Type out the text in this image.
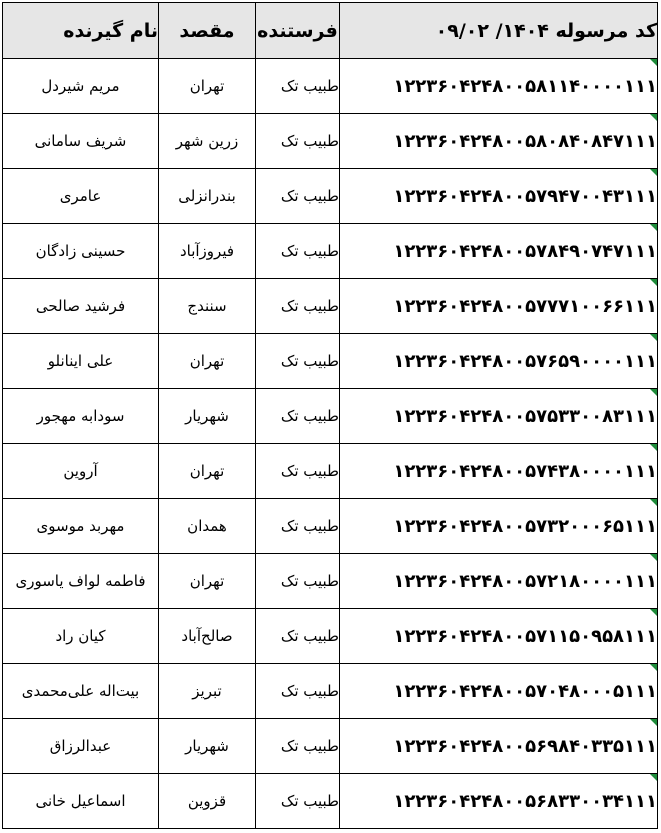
کد مرسوله ۱۴۰۴/ ۰۹/۰۲	فرستنده	مقصد	نام گیرنده
۱۲۲۳۶۰۴۲۴۸۰۰۵۸۱۱۴۰۰۰۰۱۱۱	طبیب تک	تهران	مریم شیردل
۱۲۲۳۶۰۴۲۴۸۰۰۵۸۰۸۴۰۸۴۷۱۱۱	طبیب تک	زرین شهر	شریف سامانی
۱۲۲۳۶۰۴۲۴۸۰۰۵۷۹۴۷۰۰۴۳۱۱۱	طبیب تک	بندرانزلی	عامری
۱۲۲۳۶۰۴۲۴۸۰۰۵۷۸۴۹۰۷۴۷۱۱۱	طبیب تک	فیروزآباد	حسینی زادگان
۱۲۲۳۶۰۴۲۴۸۰۰۵۷۷۷۱۰۰۶۶۱۱۱	طبیب تک	سنندج	فرشید صالحی
۱۲۲۳۶۰۴۲۴۸۰۰۵۷۶۵۹۰۰۰۰۱۱۱	طبیب تک	تهران	علی اینانلو
۱۲۲۳۶۰۴۲۴۸۰۰۵۷۵۳۳۰۰۸۳۱۱۱	طبیب تک	شهریار	سودابه مهجور
۱۲۲۳۶۰۴۲۴۸۰۰۵۷۴۳۸۰۰۰۰۱۱۱	طبیب تک	تهران	آروین
۱۲۲۳۶۰۴۲۴۸۰۰۵۷۳۲۰۰۰۶۵۱۱۱	طبیب تک	همدان	مهربد موسوی
۱۲۲۳۶۰۴۲۴۸۰۰۵۷۲۱۸۰۰۰۰۱۱۱	طبیب تک	تهران	فاطمه لواف یاسوری
۱۲۲۳۶۰۴۲۴۸۰۰۵۷۱۱۵۰۹۵۸۱۱۱	طبیب تک	صالح‌آباد	کیان راد
۱۲۲۳۶۰۴۲۴۸۰۰۵۷۰۴۸۰۰۰۵۱۱۱	طبیب تک	تبریز	بیت‌اله علی‌محمدی
۱۲۲۳۶۰۴۲۴۸۰۰۵۶۹۸۴۰۳۳۵۱۱۱	طبیب تک	شهریار	عبدالرزاق
۱۲۲۳۶۰۴۲۴۸۰۰۵۶۸۳۳۰۰۳۴۱۱۱	طبیب تک	قزوین	اسماعیل خانی
